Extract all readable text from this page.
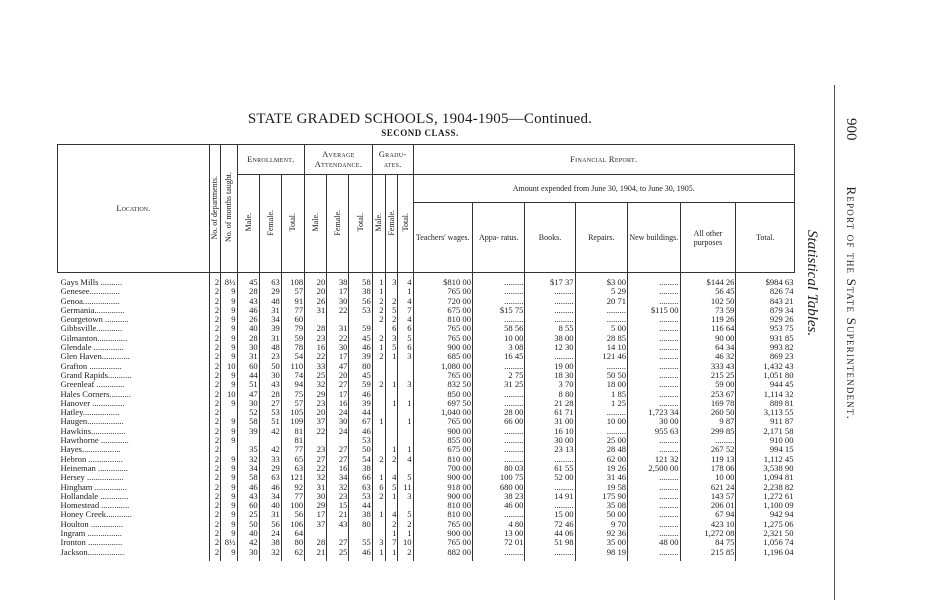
STATE GRADED SCHOOLS, 1904-1905—Continued.
SECOND CLASS.	900
Report of the State Superintendent.
Statistical Tables.
Location.	No. of departments.	No. of months taught.	Enrollment.			Average Attendance.			Gradu- ates.			Financial Report.						
			Male.	Female.	Total.	Male.	Female.	Total.	Male.	Female.	Total.	Amount expended from June 30, 1904, to June 30, 1905.						
												Teachers' wages.	Appa- ratus.	Books.	Repairs.	New buildings.	All other purposes	Total.
Gays Mills ..........	2	8½	45	63	108	20	38	58	1	3	4	$810 00	.........	$17 37	$3 00	.........	$144 26	$984 63
Genesee..............	2	9	28	29	57	20	17	38	1		1	765 00	.........	.........	5 29	.........	56 45	826 74
Genoa.................	2	9	43	48	91	26	30	56	2	2	4	720 00	.........	.........	20 71	.........	102 50	843 21
Germania..............	2	9	46	31	77	31	22	53	2	5	7	675 00	$15 75	.........	.........	$115 00	73 59	879 34
Georgetown ...........	2	9	26	34	60				2	2	4	810 00	.........	.........	.........	.........	119 26	929 26
Gibbsville............	2	9	40	39	79	28	31	59		6	6	765 00	58 56	8 55	5 00	.........	116 64	953 75
Gilmanton..............	2	9	28	31	59	23	22	45	2	3	5	765 00	10 00	38 00	28 85	.........	90 00	931 85
Glendale ..............	2	9	30	48	78	16	30	46	1	5	6	900 00	3 08	12 30	14 10	.........	64 34	993 82
Glen Haven.............	2	9	31	23	54	22	17	39	2	1	3	685 00	16 45	.........	121 46	.........	46 32	869 23
Grafton ...............	2	10	60	50	110	33	47	80				1,080 00	.........	19 00	.........	.........	333 43	1,432 43
Grand Rapids...........	2	9	44	30	74	25	20	45				765 00	2 75	18 30	50 50	.........	215 25	1,051 80
Greenleaf .............	2	9	51	43	94	32	27	59	2	1	3	832 50	31 25	3 70	18 00	.........	59 00	944 45
Hales Corners..........	2	10	47	28	75	29	17	46				850 00	.........	8 80	1 85	.........	253 67	1,114 32
Hanover ...............	2	9	30	27	57	23	16	39		1	1	697 50	.........	21 28	1 25	.........	169 78	889 81
Hatley.................	2		52	53	105	20	24	44				1,040 00	28 00	61 71	.........	1,723 34	260 50	3,113 55
Haugen.................	2	9	58	51	109	37	30	67	1		1	765 00	66 00	31 00	10 00	30 00	9 87	911 87
Hawkins................	2	9	39	42	81	22	24	46				900 00	.........	16 10	.........	955 63	299 85	2,171 58
Hawthorne .............	2	9			81			53				855 00	.........	30 00	25 00	.........	.........	910 00
Hayes..................	2		35	42	77	23	27	50		1	1	675 00	.........	23 13	28 48	.........	267 52	994 15
Hebron ................	2	9	32	33	65	27	27	54	2	2	4	810 00	.........	.........	62 00	121 32	119 13	1,112 45
Heineman ..............	2	9	34	29	63	22	16	38				700 00	80 03	61 55	19 26	2,500 00	178 06	3,538 90
Hersey .................	2	9	58	63	121	32	34	66	1	4	5	900 00	100 75	52 00	31 46	.........	10 00	1,094 81
Hingham ...............	2	9	46	46	92	31	32	63	6	5	11	918 00	680 00	.........	19 58	.........	621 24	2,238 82
Hollandale .............	2	9	43	34	77	30	23	53	2	1	3	900 00	38 23	14 91	175 90	.........	143 57	1,272 61
Homestead .............	2	9	60	40	100	29	15	44				810 00	46 00	.........	35 08	.........	206 01	1,100 09
Honey Creek............	2	9	25	31	56	17	21	38	1	4	5	810 00	.........	15 00	50 00	.........	67 94	942 94
Houlton ...............	2	9	50	56	106	37	43	80		2	2	765 00	4 80	72 46	9 70	.........	423 10	1,275 06
Ingram ................	2	9	40	24	64					1	1	900 00	13 00	44 06	92 36	.........	1,272 08	2,321 50
Ironton ................	2	8½	42	38	80	28	27	55	3	7	10	765 00	72 01	51 98	35 00	48 00	84 75	1,056 74
Jackson.................	2	9	30	32	62	21	25	46	1	1	2	882 00	.........	.........	98 19	.........	215 85	1,196 04
